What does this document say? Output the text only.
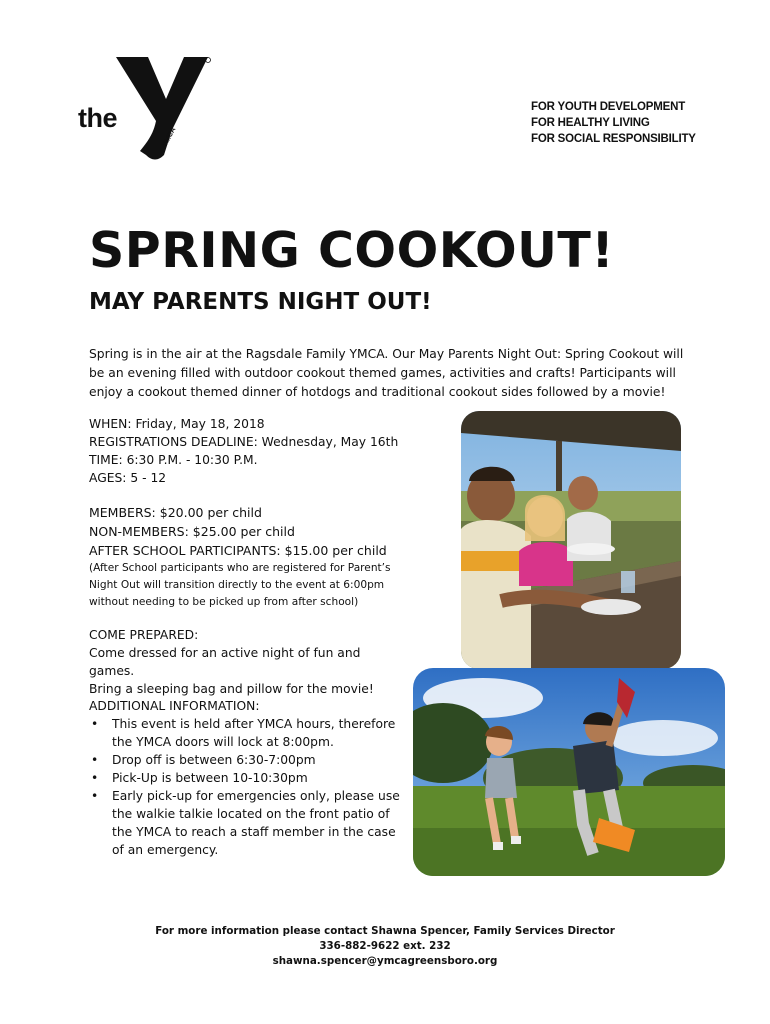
the
YMCA
FOR YOUTH DEVELOPMENT
FOR HEALTHY LIVING
FOR SOCIAL RESPONSIBILITY
SPRING COOKOUT!
MAY PARENTS NIGHT OUT!
Spring is in the air at the Ragsdale Family YMCA. Our May Parents Night Out: Spring Cookout will be an evening filled with outdoor cookout themed games, activities and crafts! Participants will enjoy a cookout themed dinner of hotdogs and traditional cookout sides followed by a movie!
WHEN: Friday, May 18, 2018
REGISTRATIONS DEADLINE: Wednesday, May 16th
TIME: 6:30 P.M. - 10:30 P.M.
AGES: 5 - 12
MEMBERS: $20.00 per child
NON-MEMBERS: $25.00 per child
AFTER SCHOOL PARTICIPANTS: $15.00 per child
(After School participants who are registered for Parent’s Night Out will transition directly to the event at 6:00pm without needing to be picked up from after school)
COME PREPARED:
Come dressed for an active night of fun and games.
Bring a sleeping bag and pillow for the movie!
ADDITIONAL INFORMATION:
• This event is held after YMCA hours, therefore the YMCA doors will lock at 8:00pm.
• Drop off is between 6:30-7:00pm
• Pick-Up is between 10-10:30pm
• Early pick-up for emergencies only, please use the walkie talkie located on the front patio of the YMCA to reach a staff member in the case of an emergency.
For more information please contact Shawna Spencer, Family Services Director
336-882-9622 ext. 232
shawna.spencer@ymcagreensboro.org
